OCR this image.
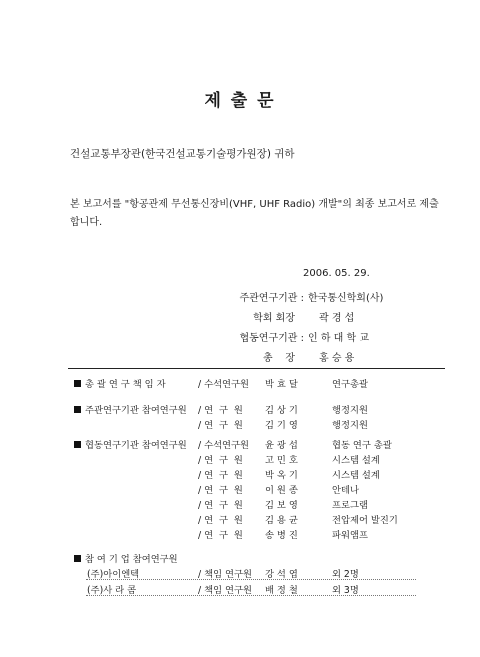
제 출 문
건설교통부장관(한국건설교통기술평가원장) 귀하
본 보고서를 "항공관제 무선통신장비(VHF, UHF Radio) 개발"의 최종 보고서로 제출
합니다.
2006. 05. 29.
주관연구기관 : 한국통신학회(사)
학회 회장 곽 경 섭
협동연구기관 : 인 하 대 학 교
총    장 홍 승 용
총 괄 연 구 책 임 자	/ 수석연구원 박 효 달	연구총괄
주관연구기관 참여연구원 / 연  구  원 김 상 기	행정지원
/ 연  구  원 김 기 영	행정지원
협동연구기관 참여연구원 / 수석연구원 윤 광 섭	협동 연구 총괄
/ 연  구  원 고 민 호	시스템 설계
/ 연  구  원 박 옥 기	시스템 설계
/ 연  구  원 이 원 종	안테나
/ 연  구  원 김 보 영	프로그램
/ 연  구  원 김 용 균	전압제어 발진기
/ 연  구  원 송 병 진	파워앰프
참 여 기 업 참여연구원
(주)아이엔텍	/ 책임 연구원 강 석 엽	외 2명
(주)사 라 콤	/ 책임 연구원 배 정 철	외 3명
